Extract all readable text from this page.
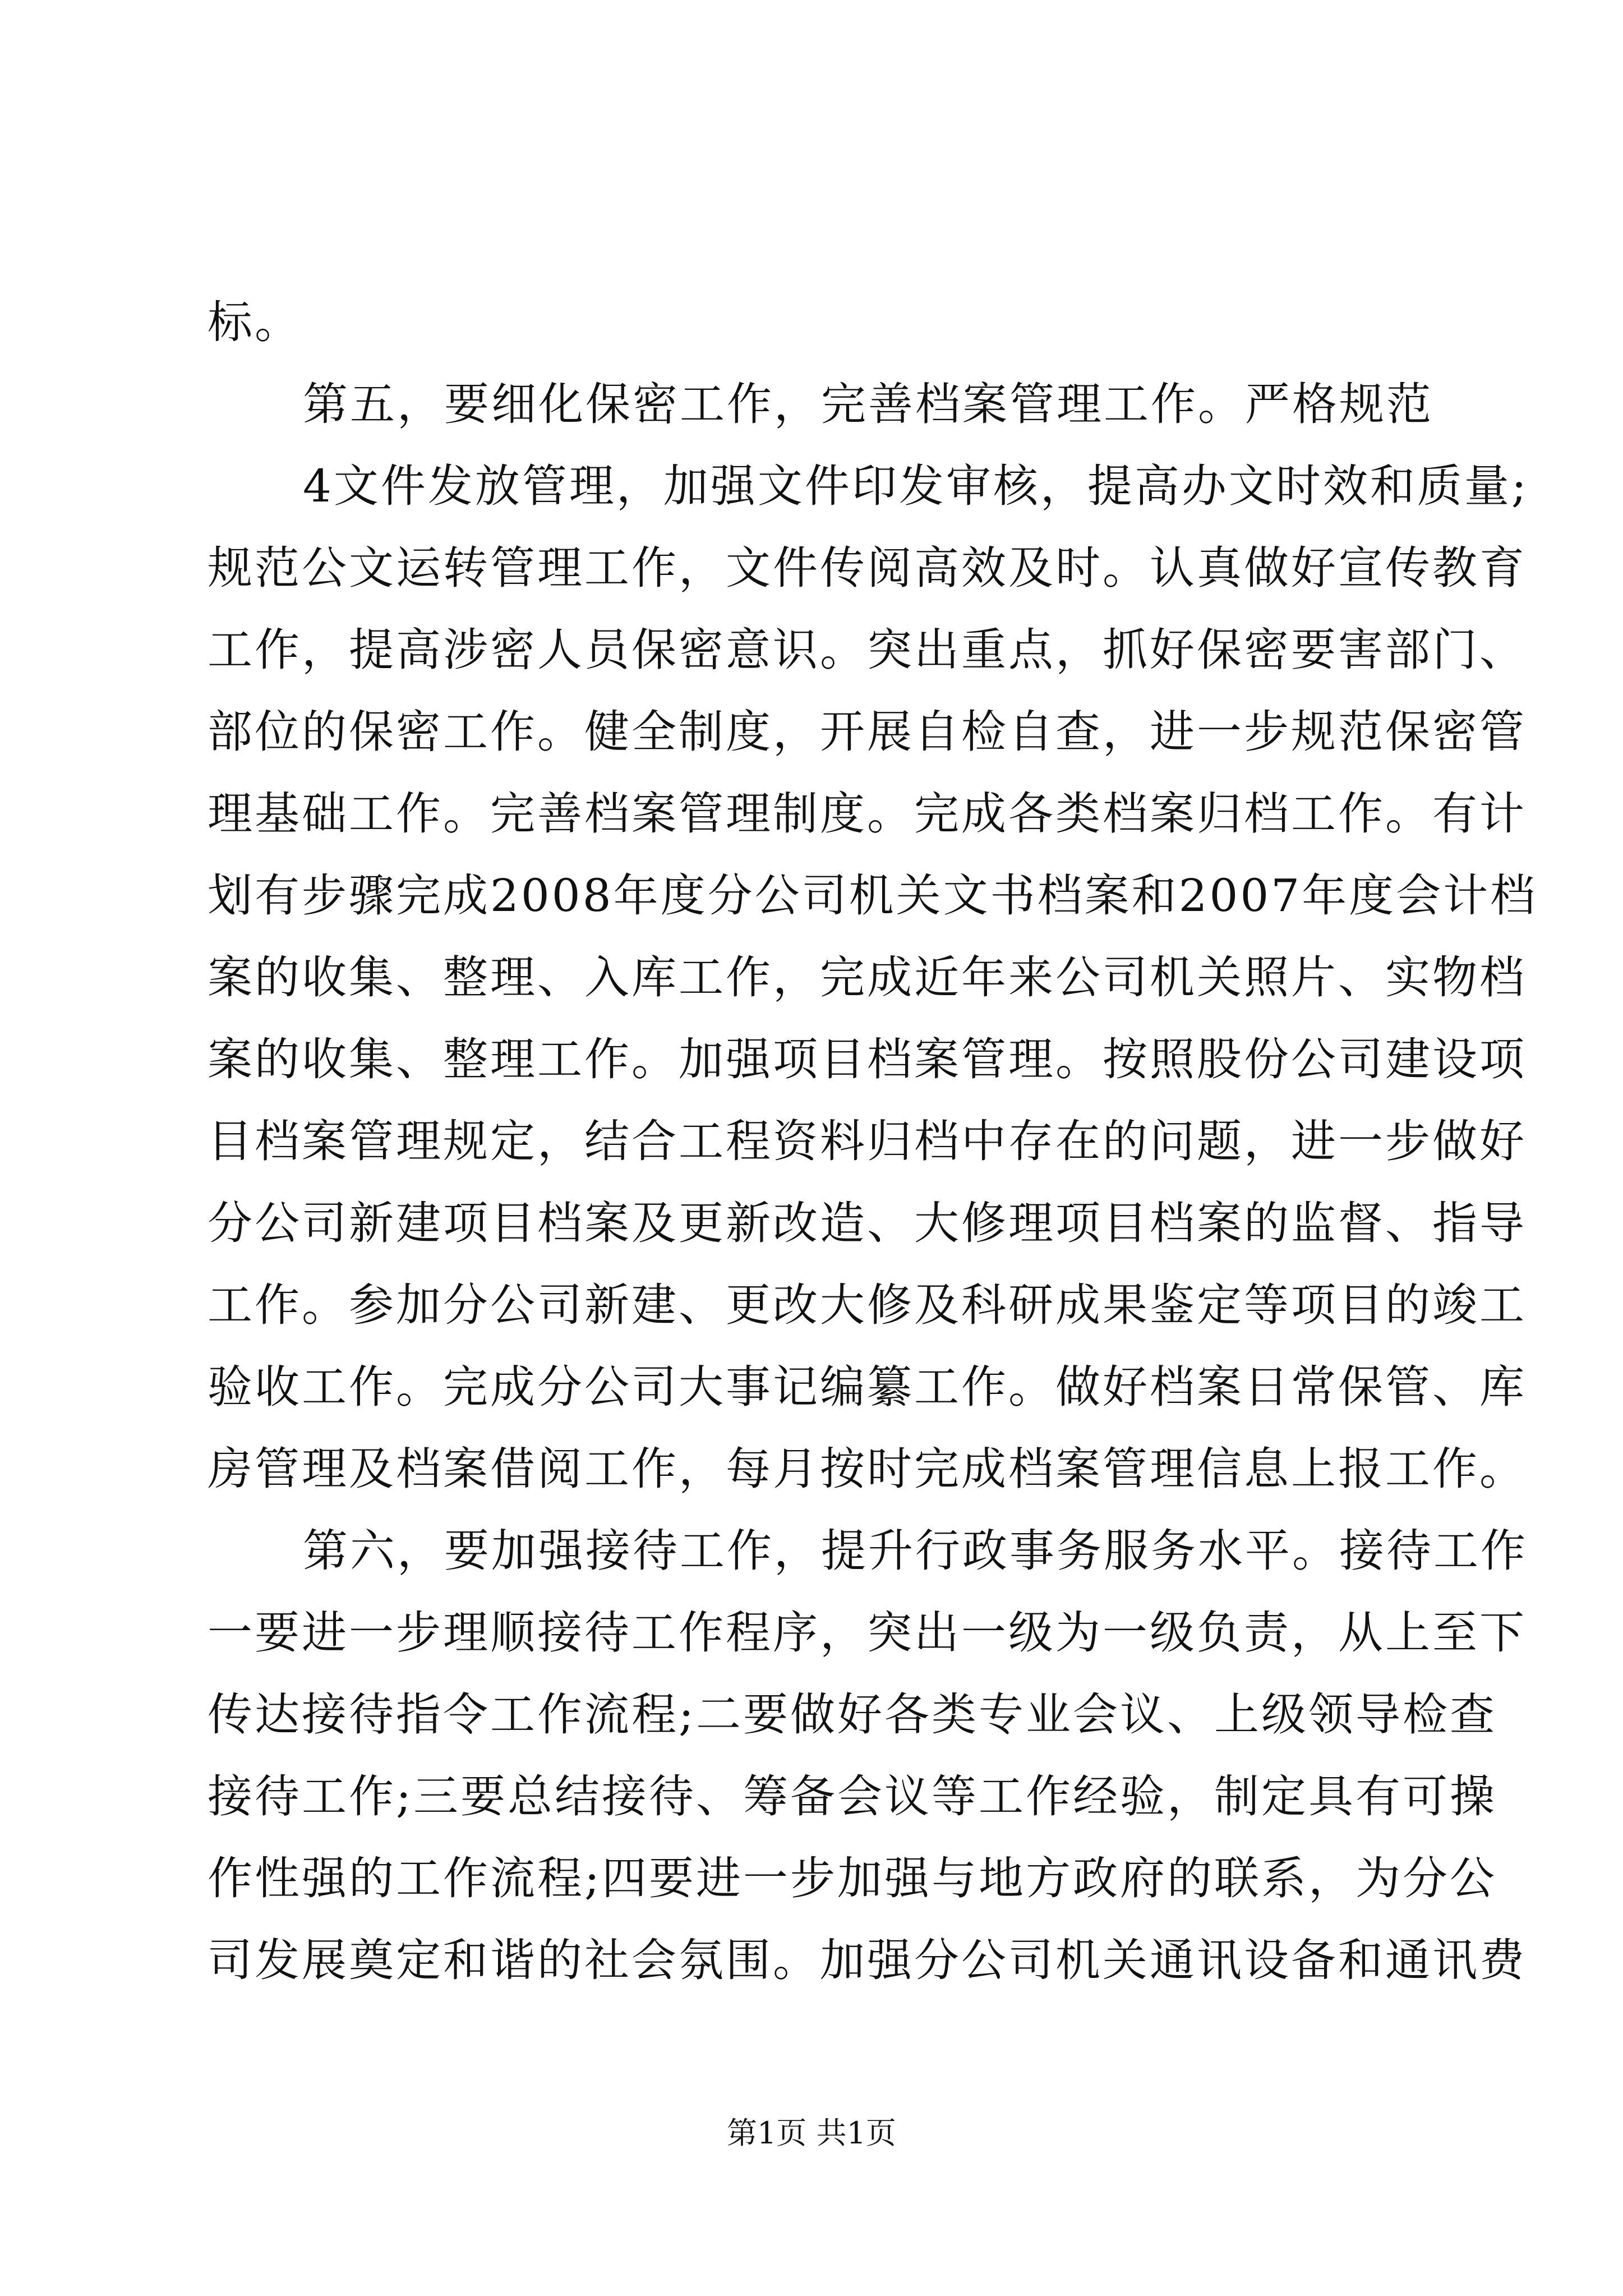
标。
第五，要细化保密工作，完善档案管理工作。严格规范
4文件发放管理，加强文件印发审核，提高办文时效和质量;
规范公文运转管理工作，文件传阅高效及时。认真做好宣传教育
工作，提高涉密人员保密意识。突出重点，抓好保密要害部门、
部位的保密工作。健全制度，开展自检自查，进一步规范保密管
理基础工作。完善档案管理制度。完成各类档案归档工作。有计
划有步骤完成2008年度分公司机关文书档案和2007年度会计档
案的收集、整理、入库工作，完成近年来公司机关照片、实物档
案的收集、整理工作。加强项目档案管理。按照股份公司建设项
目档案管理规定，结合工程资料归档中存在的问题，进一步做好
分公司新建项目档案及更新改造、大修理项目档案的监督、指导
工作。参加分公司新建、更改大修及科研成果鉴定等项目的竣工
验收工作。完成分公司大事记编纂工作。做好档案日常保管、库
房管理及档案借阅工作，每月按时完成档案管理信息上报工作。
第六，要加强接待工作，提升行政事务服务水平。接待工作
一要进一步理顺接待工作程序，突出一级为一级负责，从上至下
传达接待指令工作流程;二要做好各类专业会议、上级领导检查
接待工作;三要总结接待、筹备会议等工作经验，制定具有可操
作性强的工作流程;四要进一步加强与地方政府的联系，为分公
司发展奠定和谐的社会氛围。加强分公司机关通讯设备和通讯费
第1页 共1页
